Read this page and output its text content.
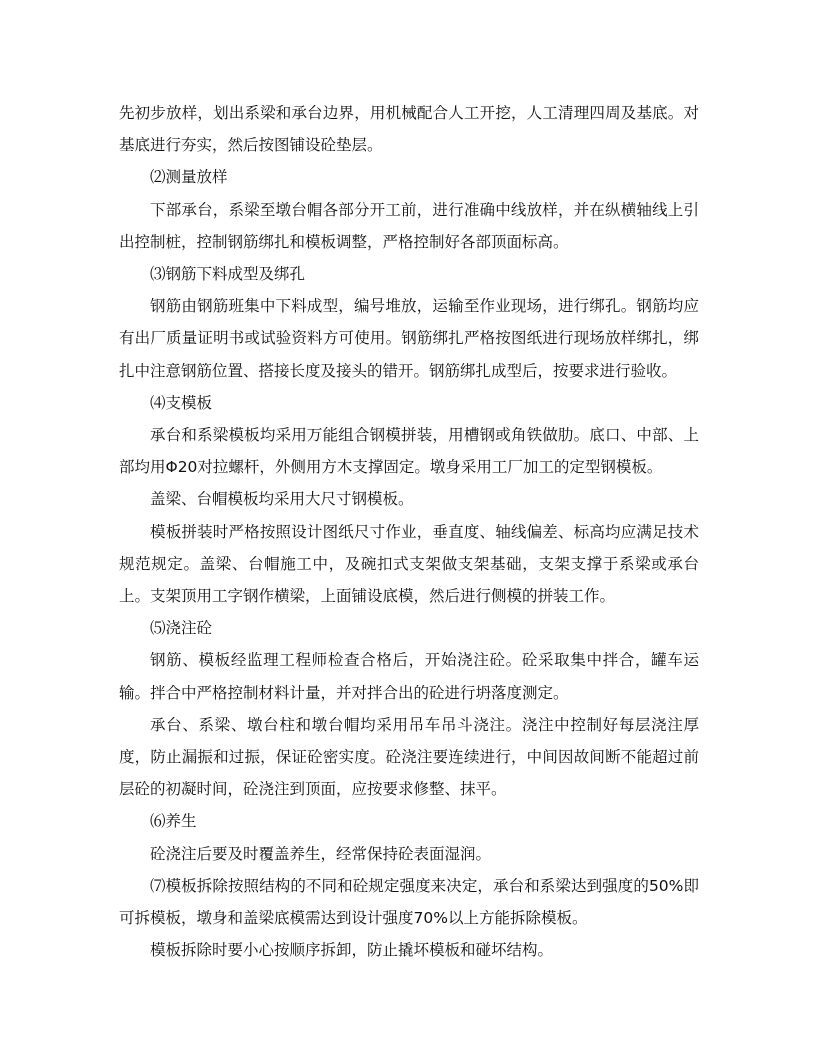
先初步放样，划出系梁和承台边界，用机械配合人工开挖，人工清理四周及基底。对基底进行夯实，然后按图铺设砼垫层。

⑵测量放样

下部承台，系梁至墩台帽各部分开工前，进行准确中线放样，并在纵横轴线上引出控制桩，控制钢筋绑扎和模板调整，严格控制好各部顶面标高。

⑶钢筋下料成型及绑孔

钢筋由钢筋班集中下料成型，编号堆放，运输至作业现场，进行绑孔。钢筋均应有出厂质量证明书或试验资料方可使用。钢筋绑扎严格按图纸进行现场放样绑扎，绑扎中注意钢筋位置、搭接长度及接头的错开。钢筋绑扎成型后，按要求进行验收。

⑷支模板

承台和系梁模板均采用万能组合钢模拼装，用槽钢或角铁做肋。底口、中部、上部均用Φ20对拉螺杆，外侧用方木支撑固定。墩身采用工厂加工的定型钢模板。

盖梁、台帽模板均采用大尺寸钢模板。

模板拼装时严格按照设计图纸尺寸作业，垂直度、轴线偏差、标高均应满足技术规范规定。盖梁、台帽施工中，及碗扣式支架做支架基础，支架支撑于系梁或承台上。支架顶用工字钢作横梁，上面铺设底模，然后进行侧模的拼装工作。

⑸浇注砼

钢筋、模板经监理工程师检查合格后，开始浇注砼。砼采取集中拌合，罐车运输。拌合中严格控制材料计量，并对拌合出的砼进行坍落度测定。

承台、系梁、墩台柱和墩台帽均采用吊车吊斗浇注。浇注中控制好每层浇注厚度，防止漏振和过振，保证砼密实度。砼浇注要连续进行，中间因故间断不能超过前层砼的初凝时间，砼浇注到顶面，应按要求修整、抹平。

⑹养生

砼浇注后要及时覆盖养生，经常保持砼表面湿润。

⑺模板拆除按照结构的不同和砼规定强度来决定，承台和系梁达到强度的50%即可拆模板，墩身和盖梁底模需达到设计强度70%以上方能拆除模板。

模板拆除时要小心按顺序拆卸，防止撬坏模板和碰坏结构。
